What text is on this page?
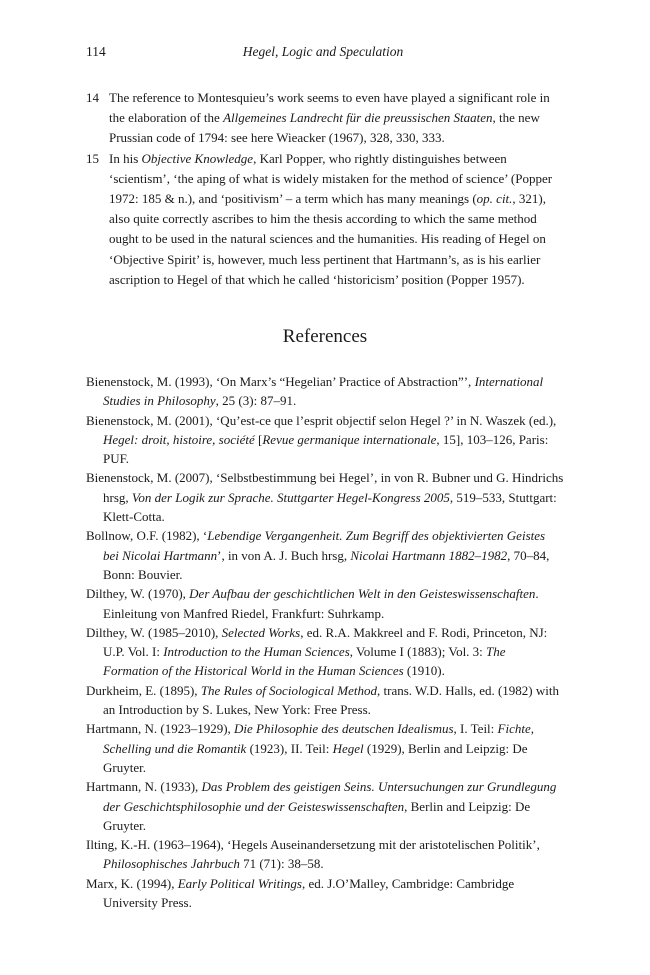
114	Hegel, Logic and Speculation

14 The reference to Montesquieu’s work seems to even have played a significant role in the elaboration of the Allgemeines Landrecht für die preussischen Staaten, the new Prussian code of 1794: see here Wieacker (1967), 328, 330, 333.

15 In his Objective Knowledge, Karl Popper, who rightly distinguishes between ‘scientism’, ‘the aping of what is widely mistaken for the method of science’ (Popper 1972: 185 & n.), and ‘positivism’ – a term which has many meanings (op. cit., 321), also quite correctly ascribes to him the thesis according to which the same method ought to be used in the natural sciences and the humanities. His reading of Hegel on ‘Objective Spirit’ is, however, much less pertinent that Hartmann’s, as is his earlier ascription to Hegel of that which he called ‘historicism’ position (Popper 1957).

References

Bienenstock, M. (1993), ‘On Marx’s “Hegelian’ Practice of Abstraction”’, International Studies in Philosophy, 25 (3): 87–91.

Bienenstock, M. (2001), ‘Qu’est-ce que l’esprit objectif selon Hegel ?’ in N. Waszek (ed.), Hegel: droit, histoire, société [Revue germanique internationale, 15], 103–126, Paris: PUF.

Bienenstock, M. (2007), ‘Selbstbestimmung bei Hegel’, in von R. Bubner und G. Hindrichs hrsg, Von der Logik zur Sprache. Stuttgarter Hegel-Kongress 2005, 519–533, Stuttgart: Klett-Cotta.

Bollnow, O.F. (1982), ‘Lebendige Vergangenheit. Zum Begriff des objektivierten Geistes bei Nicolai Hartmann’, in von A. J. Buch hrsg, Nicolai Hartmann 1882–1982, 70–84, Bonn: Bouvier.

Dilthey, W. (1970), Der Aufbau der geschichtlichen Welt in den Geisteswissenschaften. Einleitung von Manfred Riedel, Frankfurt: Suhrkamp.

Dilthey, W. (1985–2010), Selected Works, ed. R.A. Makkreel and F. Rodi, Princeton, NJ: U.P. Vol. I: Introduction to the Human Sciences, Volume I (1883); Vol. 3: The Formation of the Historical World in the Human Sciences (1910).

Durkheim, E. (1895), The Rules of Sociological Method, trans. W.D. Halls, ed. (1982) with an Introduction by S. Lukes, New York: Free Press.

Hartmann, N. (1923–1929), Die Philosophie des deutschen Idealismus, I. Teil: Fichte, Schelling und die Romantik (1923), II. Teil: Hegel (1929), Berlin and Leipzig: De Gruyter.

Hartmann, N. (1933), Das Problem des geistigen Seins. Untersuchungen zur Grundlegung der Geschichtsphilosophie und der Geisteswissenschaften, Berlin and Leipzig: De Gruyter.

Ilting, K.-H. (1963–1964), ‘Hegels Auseinandersetzung mit der aristotelischen Politik’, Philosophisches Jahrbuch 71 (71): 38–58.

Marx, K. (1994), Early Political Writings, ed. J.O’Malley, Cambridge: Cambridge University Press.
